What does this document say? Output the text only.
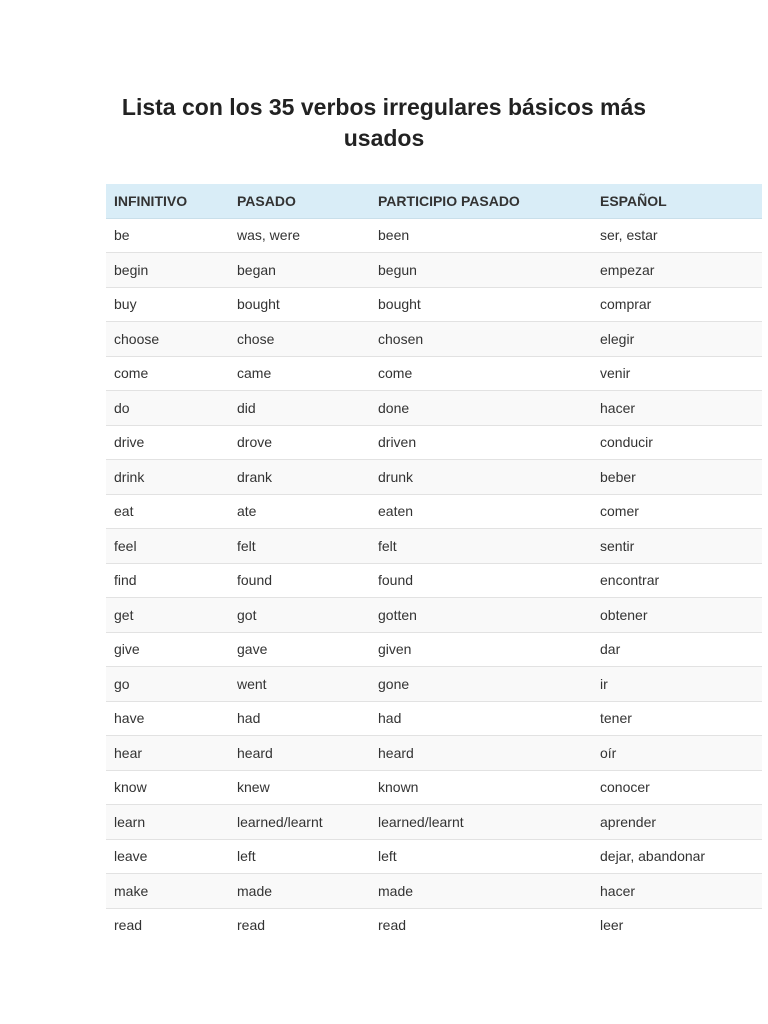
Lista con los 35 verbos irregulares básicos más usados
INFINITIVO	PASADO	PARTICIPIO PASADO	ESPAÑOL
be	was, were	been	ser, estar
begin	began	begun	empezar
buy	bought	bought	comprar
choose	chose	chosen	elegir
come	came	come	venir
do	did	done	hacer
drive	drove	driven	conducir
drink	drank	drunk	beber
eat	ate	eaten	comer
feel	felt	felt	sentir
find	found	found	encontrar
get	got	gotten	obtener
give	gave	given	dar
go	went	gone	ir
have	had	had	tener
hear	heard	heard	oír
know	knew	known	conocer
learn	learned/learnt	learned/learnt	aprender
leave	left	left	dejar, abandonar
make	made	made	hacer
read	read	read	leer
